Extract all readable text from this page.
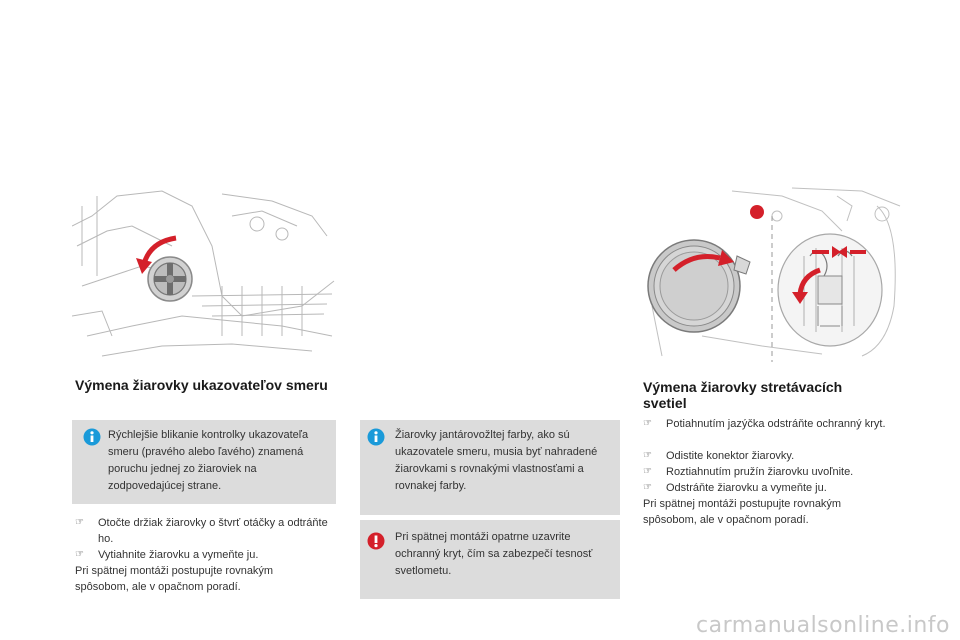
Výmena žiarovky ukazovateľov smeru

Rýchlejšie blikanie kontrolky ukazovateľa smeru (pravého alebo ľavého) znamená poruchu jednej zo žiaroviek na zodpovedajúcej strane.

☞ Otočte držiak žiarovky o štvrť otáčky a odtráňte ho.
☞ Vytiahnite žiarovku a vymeňte ju.

Pri spätnej montáži postupujte rovnakým spôsobom, ale v opačnom poradí.

Žiarovky jantárovožltej farby, ako sú ukazovatele smeru, musia byť nahradené žiarovkami s rovnakými vlastnosťami a rovnakej farby.

Pri spätnej montáži opatrne uzavrite ochranný kryt, čím sa zabezpečí tesnosť svetlometu.

Výmena žiarovky stretávacích svetiel
☞ Potiahnutím jazýčka odstráňte ochranný kryt.
☞ Odistite konektor žiarovky.
☞ Roztiahnutím pružín žiarovku uvoľnite.
☞ Odstráňte žiarovku a vymeňte ju.

Pri spätnej montáži postupujte rovnakým spôsobom, ale v opačnom poradí.

carmanualsonline.info
